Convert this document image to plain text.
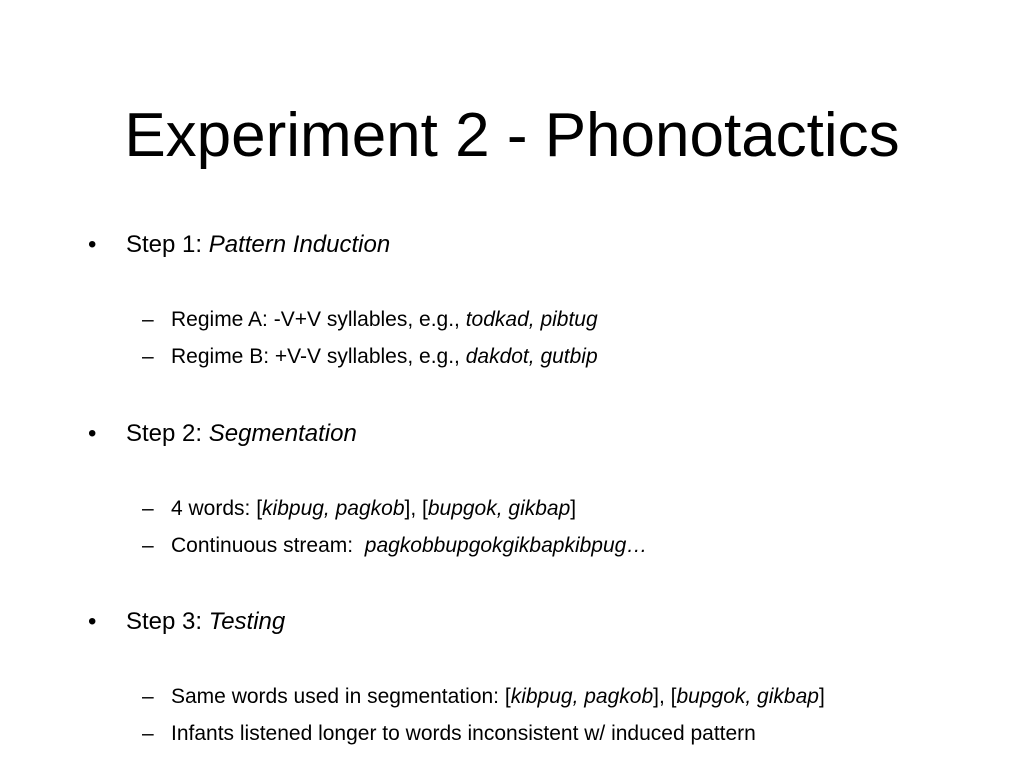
Experiment 2 - Phonotactics
• Step 1: Pattern Induction
– Regime A: -V+V syllables, e.g., todkad, pibtug
– Regime B: +V-V syllables, e.g., dakdot, gutbip
• Step 2: Segmentation
– 4 words: [kibpug, pagkob], [bupgok, gikbap]
– Continuous stream:  pagkobbupgokgikbapkibpug…
• Step 3: Testing
– Same words used in segmentation: [kibpug, pagkob], [bupgok, gikbap]
– Infants listened longer to words inconsistent w/ induced pattern
